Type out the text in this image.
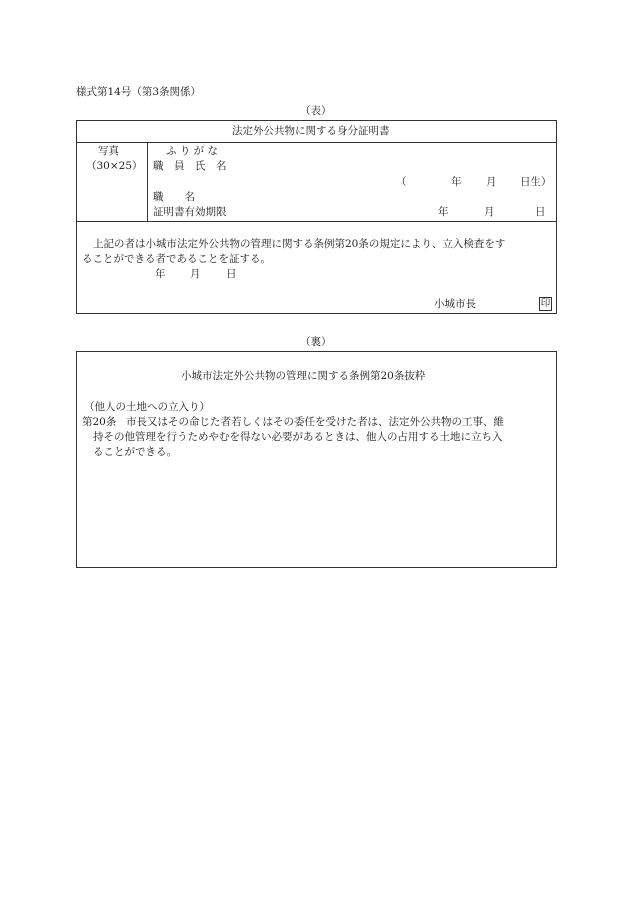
様式第14号（第3条関係）
（表）
法定外公共物に関する身分証明書
写真
（30×25）
ふ り が な
職　員　氏　名
（	年 月 日生）
職　　名
証明書有効期限	年	月	日
上記の者は小城市法定外公共物の管理に関する条例第20条の規定により、立入検査をす
ることができる者であることを証する。
年 月 日
小城市長	印
（裏）
小城市法定外公共物の管理に関する条例第20条抜粋
（他人の土地への立入り）
第20条 市長又はその命じた者若しくはその委任を受けた者は、法定外公共物の工事、維
持その他管理を行うためやむを得ない必要があるときは、他人の占用する土地に立ち入
ることができる。
